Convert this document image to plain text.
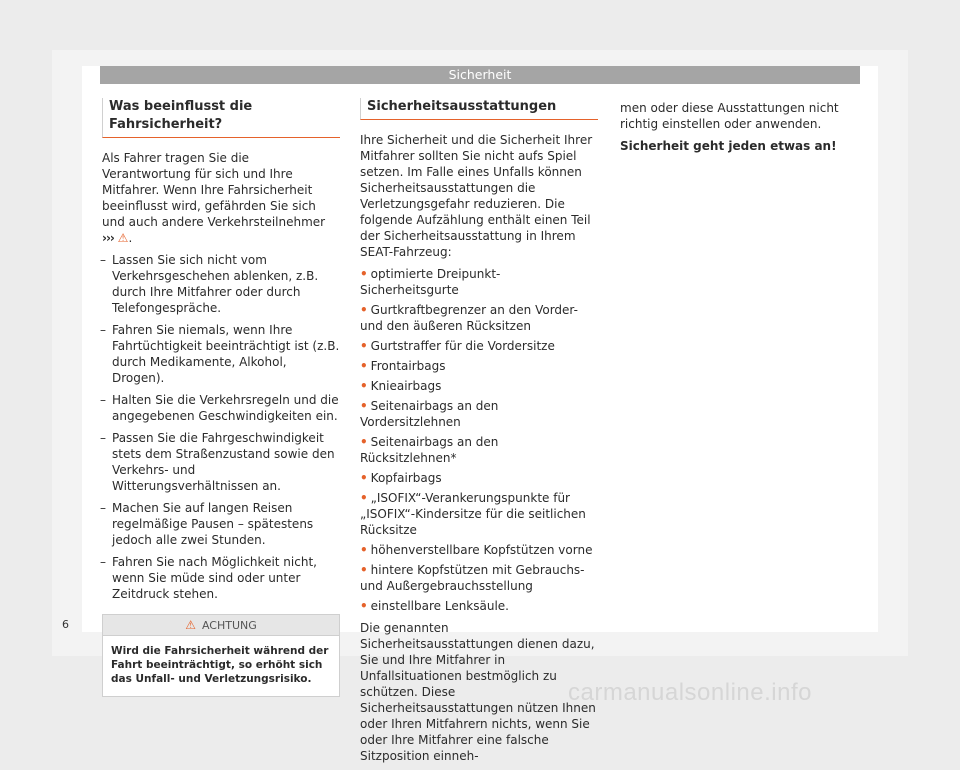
Sicherheit
Was beeinflusst die Fahrsicherheit?

Als Fahrer tragen Sie die Verantwortung für sich und Ihre Mitfahrer. Wenn Ihre Fahrsicherheit beeinflusst wird, gefährden Sie sich und auch andere Verkehrsteilnehmer ››› ⚠.

– Lassen Sie sich nicht vom Verkehrsgeschehen ablenken, z.B. durch Ihre Mitfahrer oder durch Telefongespräche.
– Fahren Sie niemals, wenn Ihre Fahrtüchtigkeit beeinträchtigt ist (z.B. durch Medikamente, Alkohol, Drogen).
– Halten Sie die Verkehrsregeln und die angegebenen Geschwindigkeiten ein.
– Passen Sie die Fahrgeschwindigkeit stets dem Straßenzustand sowie den Verkehrs- und Witterungsverhältnissen an.
– Machen Sie auf langen Reisen regelmäßige Pausen – spätestens jedoch alle zwei Stunden.
– Fahren Sie nach Möglichkeit nicht, wenn Sie müde sind oder unter Zeitdruck stehen.
⚠ ACHTUNG
Wird die Fahrsicherheit während der Fahrt beeinträchtigt, so erhöht sich das Unfall- und Verletzungsrisiko.
Sicherheitsausstattungen

Ihre Sicherheit und die Sicherheit Ihrer Mitfahrer sollten Sie nicht aufs Spiel setzen. Im Falle eines Unfalls können Sicherheitsausstattungen die Verletzungsgefahr reduzieren. Die folgende Aufzählung enthält einen Teil der Sicherheitsausstattung in Ihrem SEAT-Fahrzeug:

• optimierte Dreipunkt-Sicherheitsgurte
• Gurtkraftbegrenzer an den Vorder- und den äußeren Rücksitzen
• Gurtstraffer für die Vordersitze
• Frontairbags
• Knieairbags
• Seitenairbags an den Vordersitzlehnen
• Seitenairbags an den Rücksitzlehnen*
• Kopfairbags
• „ISOFIX“-Verankerungspunkte für „ISOFIX“-Kindersitze für die seitlichen Rücksitze
• höhenverstellbare Kopfstützen vorne
• hintere Kopfstützen mit Gebrauchs- und Außergebrauchsstellung
• einstellbare Lenksäule.

Die genannten Sicherheitsausstattungen dienen dazu, Sie und Ihre Mitfahrer in Unfallsituationen bestmöglich zu schützen. Diese Sicherheitsausstattungen nützen Ihnen oder Ihren Mitfahrern nichts, wenn Sie oder Ihre Mitfahrer eine falsche Sitzposition einneh-

men oder diese Ausstattungen nicht richtig einstellen oder anwenden.

Sicherheit geht jeden etwas an!

6
carmanualsonline.info
